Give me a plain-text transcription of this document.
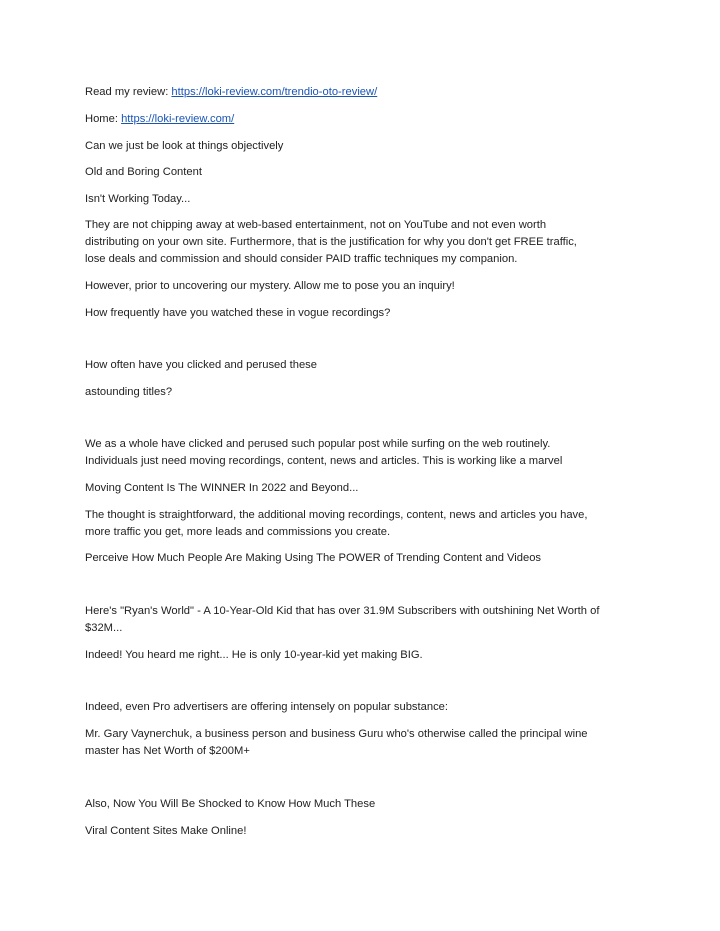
Read my review: https://loki-review.com/trendio-oto-review/

Home: https://loki-review.com/

Can we just be look at things objectively

Old and Boring Content

Isn't Working Today...

They are not chipping away at web-based entertainment, not on YouTube and not even worth

distributing on your own site. Furthermore, that is the justification for why you don't get FREE traffic,

lose deals and commission and should consider PAID traffic techniques my companion.

However, prior to uncovering our mystery. Allow me to pose you an inquiry!

How frequently have you watched these in vogue recordings?

How often have you clicked and perused these

astounding titles?

We as a whole have clicked and perused such popular post while surfing on the web routinely.

Individuals just need moving recordings, content, news and articles. This is working like a marvel

Moving Content Is The WINNER In 2022 and Beyond...

The thought is straightforward, the additional moving recordings, content, news and articles you have,

more traffic you get, more leads and commissions you create.

Perceive How Much People Are Making Using The POWER of Trending Content and Videos

Here's "Ryan's World" - A 10-Year-Old Kid that has over 31.9M Subscribers with outshining Net Worth of

$32M...

Indeed! You heard me right... He is only 10-year-kid yet making BIG.

Indeed, even Pro advertisers are offering intensely on popular substance:

Mr. Gary Vaynerchuk, a business person and business Guru who's otherwise called the principal wine

master has Net Worth of $200M+

Also, Now You Will Be Shocked to Know How Much These

Viral Content Sites Make Online!
